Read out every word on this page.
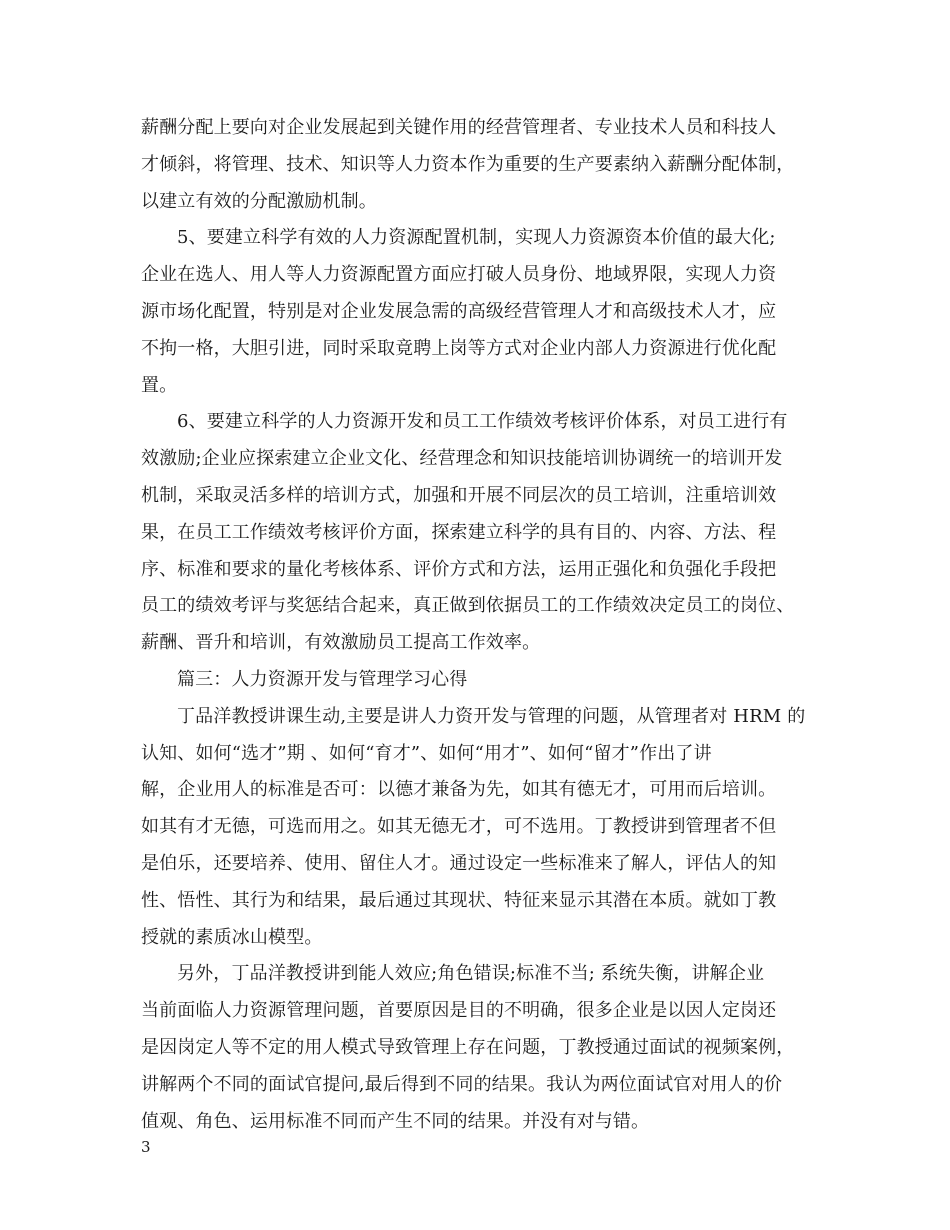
薪酬分配上要向对企业发展起到关键作用的经营管理者、专业技术人员和科技人
才倾斜，将管理、技术、知识等人力资本作为重要的生产要素纳入薪酬分配体制，
以建立有效的分配激励机制。
5、要建立科学有效的人力资源配置机制，实现人力资源资本价值的最大化;
企业在选人、用人等人力资源配置方面应打破人员身份、地域界限，实现人力资
源市场化配置，特别是对企业发展急需的高级经营管理人才和高级技术人才，应
不拘一格，大胆引进，同时采取竟聘上岗等方式对企业内部人力资源进行优化配
置。
6、要建立科学的人力资源开发和员工工作绩效考核评价体系，对员工进行有
效激励;企业应探索建立企业文化、经营理念和知识技能培训协调统一的培训开发
机制，采取灵活多样的培训方式，加强和开展不同层次的员工培训，注重培训效
果，在员工工作绩效考核评价方面，探索建立科学的具有目的、内容、方法、程
序、标准和要求的量化考核体系、评价方式和方法，运用正强化和负强化手段把
员工的绩效考评与奖惩结合起来，真正做到依据员工的工作绩效决定员工的岗位、
薪酬、晋升和培训，有效激励员工提高工作效率。
篇三：人力资源开发与管理学习心得
丁品洋教授讲课生动,主要是讲人力资开发与管理的问题，从管理者对 HRM 的
认知、如何“选才”期 、如何“育才”、如何“用才”、如何“留才”作出了讲
解，企业用人的标准是否可：以德才兼备为先，如其有德无才，可用而后培训。
如其有才无德，可选而用之。如其无德无才，可不选用。丁教授讲到管理者不但
是伯乐，还要培养、使用、留住人才。通过设定一些标准来了解人，评估人的知
性、悟性、其行为和结果，最后通过其现状、特征来显示其潜在本质。就如丁教
授就的素质冰山模型。
另外，丁品洋教授讲到能人效应;角色错误;标准不当; 系统失衡，讲解企业
当前面临人力资源管理问题，首要原因是目的不明确，很多企业是以因人定岗还
是因岗定人等不定的用人模式导致管理上存在问题，丁教授通过面试的视频案例，
讲解两个不同的面试官提问,最后得到不同的结果。我认为两位面试官对用人的价
值观、角色、运用标准不同而产生不同的结果。并没有对与错。
3
